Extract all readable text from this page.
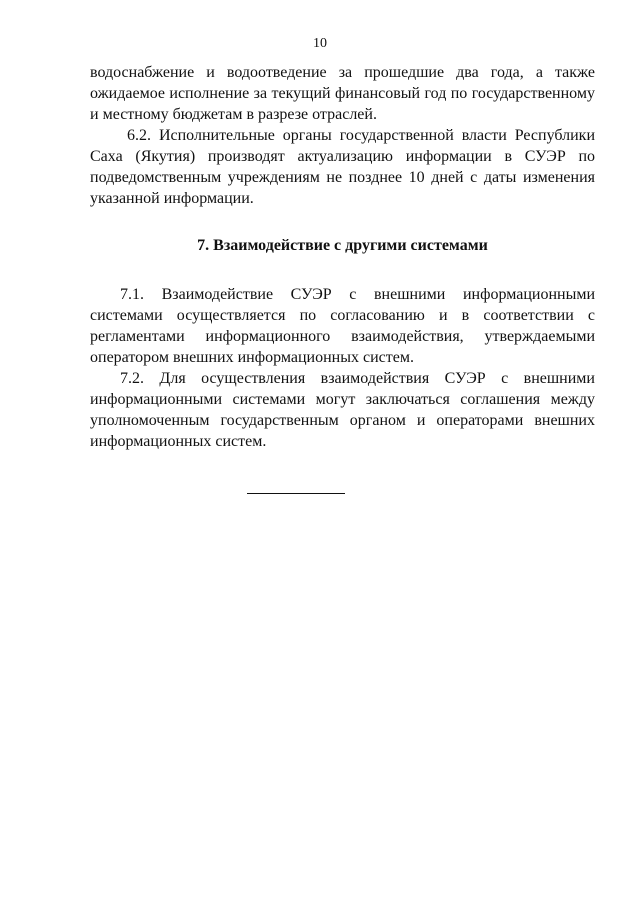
10

водоснабжение и водоотведение за прошедшие два года, а также ожидаемое исполнение за текущий финансовый год по государственному и местному бюджетам в разрезе отраслей.

6.2. Исполнительные органы государственной власти Республики Саха (Якутия) производят актуализацию информации в СУЭР по подведомственным учреждениям не позднее 10 дней с даты изменения указанной информации.

7. Взаимодействие с другими системами

7.1. Взаимодействие СУЭР с внешними информационными системами осуществляется по согласованию и в соответствии с регламентами информационного взаимодействия, утверждаемыми оператором внешних информационных систем.

7.2. Для осуществления взаимодействия СУЭР с внешними информационными системами могут заключаться соглашения между уполномоченным государственным органом и операторами внешних информационных систем.
